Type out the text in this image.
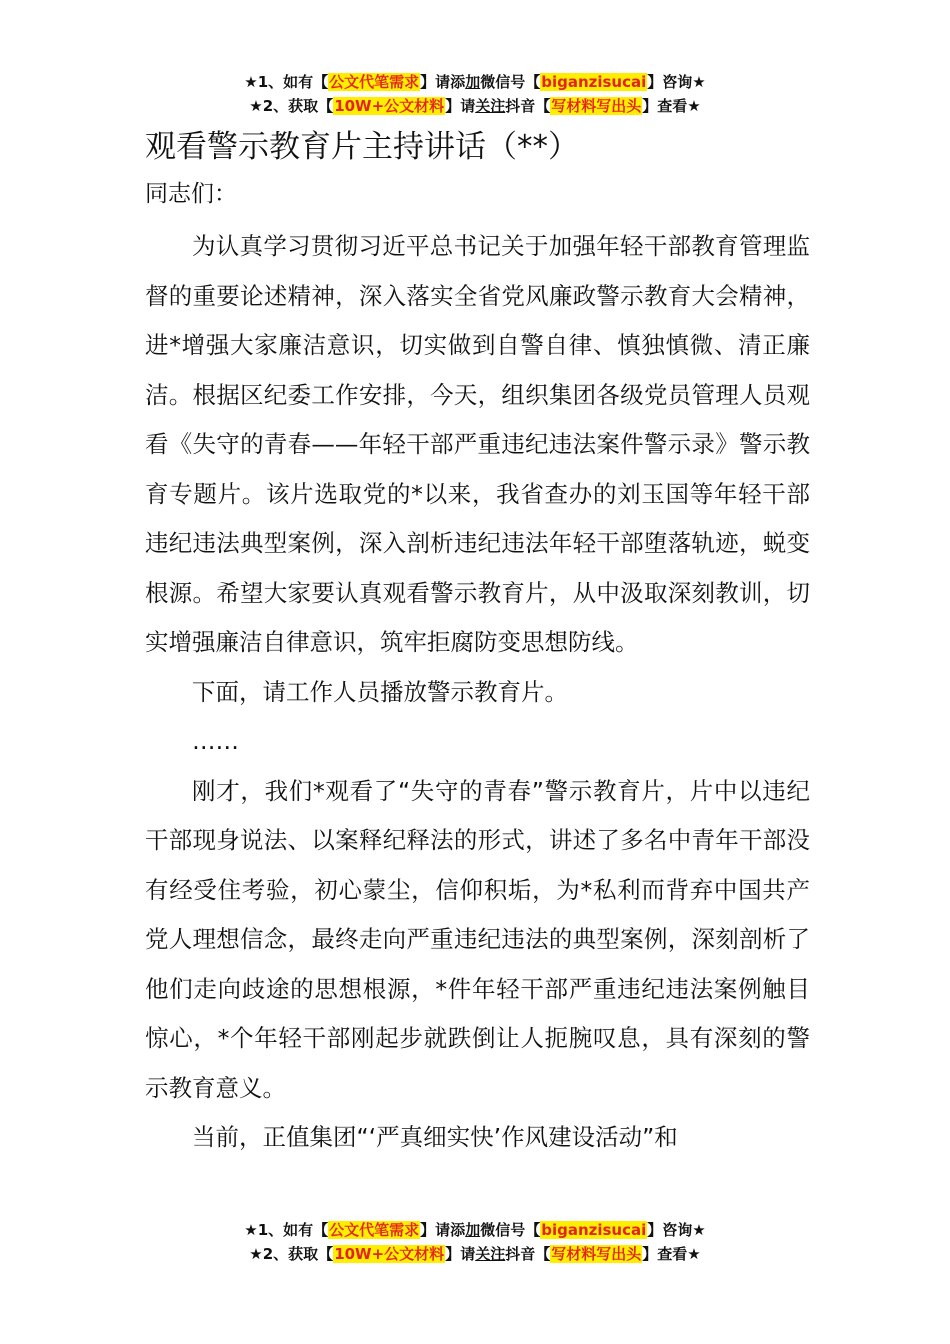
★1、如有【公文代笔需求】请添加微信号【biganzisucai】咨询★
★2、获取【10W+公文材料】请关注抖音【写材料写出头】查看★
观看警示教育片主持讲话（**）
同志们：

为认真学习贯彻习近平总书记关于加强年轻干部教育管理监督的重要论述精神，深入落实全省党风廉政警示教育大会精神，进*增强大家廉洁意识，切实做到自警自律、慎独慎微、清正廉洁。根据区纪委工作安排，今天，组织集团各级党员管理人员观看《失守的青春——年轻干部严重违纪违法案件警示录》警示教育专题片。该片选取党的*以来，我省查办的刘玉国等年轻干部违纪违法典型案例，深入剖析违纪违法年轻干部堕落轨迹，蜕变根源。希望大家要认真观看警示教育片，从中汲取深刻教训，切实增强廉洁自律意识，筑牢拒腐防变思想防线。

下面，请工作人员播放警示教育片。

……

刚才，我们*观看了“失守的青春”警示教育片，片中以违纪干部现身说法、以案释纪释法的形式，讲述了多名中青年干部没有经受住考验，初心蒙尘，信仰积垢，为*私利而背弃中国共产党人理想信念，最终走向严重违纪违法的典型案例，深刻剖析了他们走向歧途的思想根源，*件年轻干部严重违纪违法案例触目惊心，*个年轻干部刚起步就跌倒让人扼腕叹息，具有深刻的警示教育意义。

当前，正值集团“‘严真细实快’作风建设活动”和

★1、如有【公文代笔需求】请添加微信号【biganzisucai】咨询★
★2、获取【10W+公文材料】请关注抖音【写材料写出头】查看★
